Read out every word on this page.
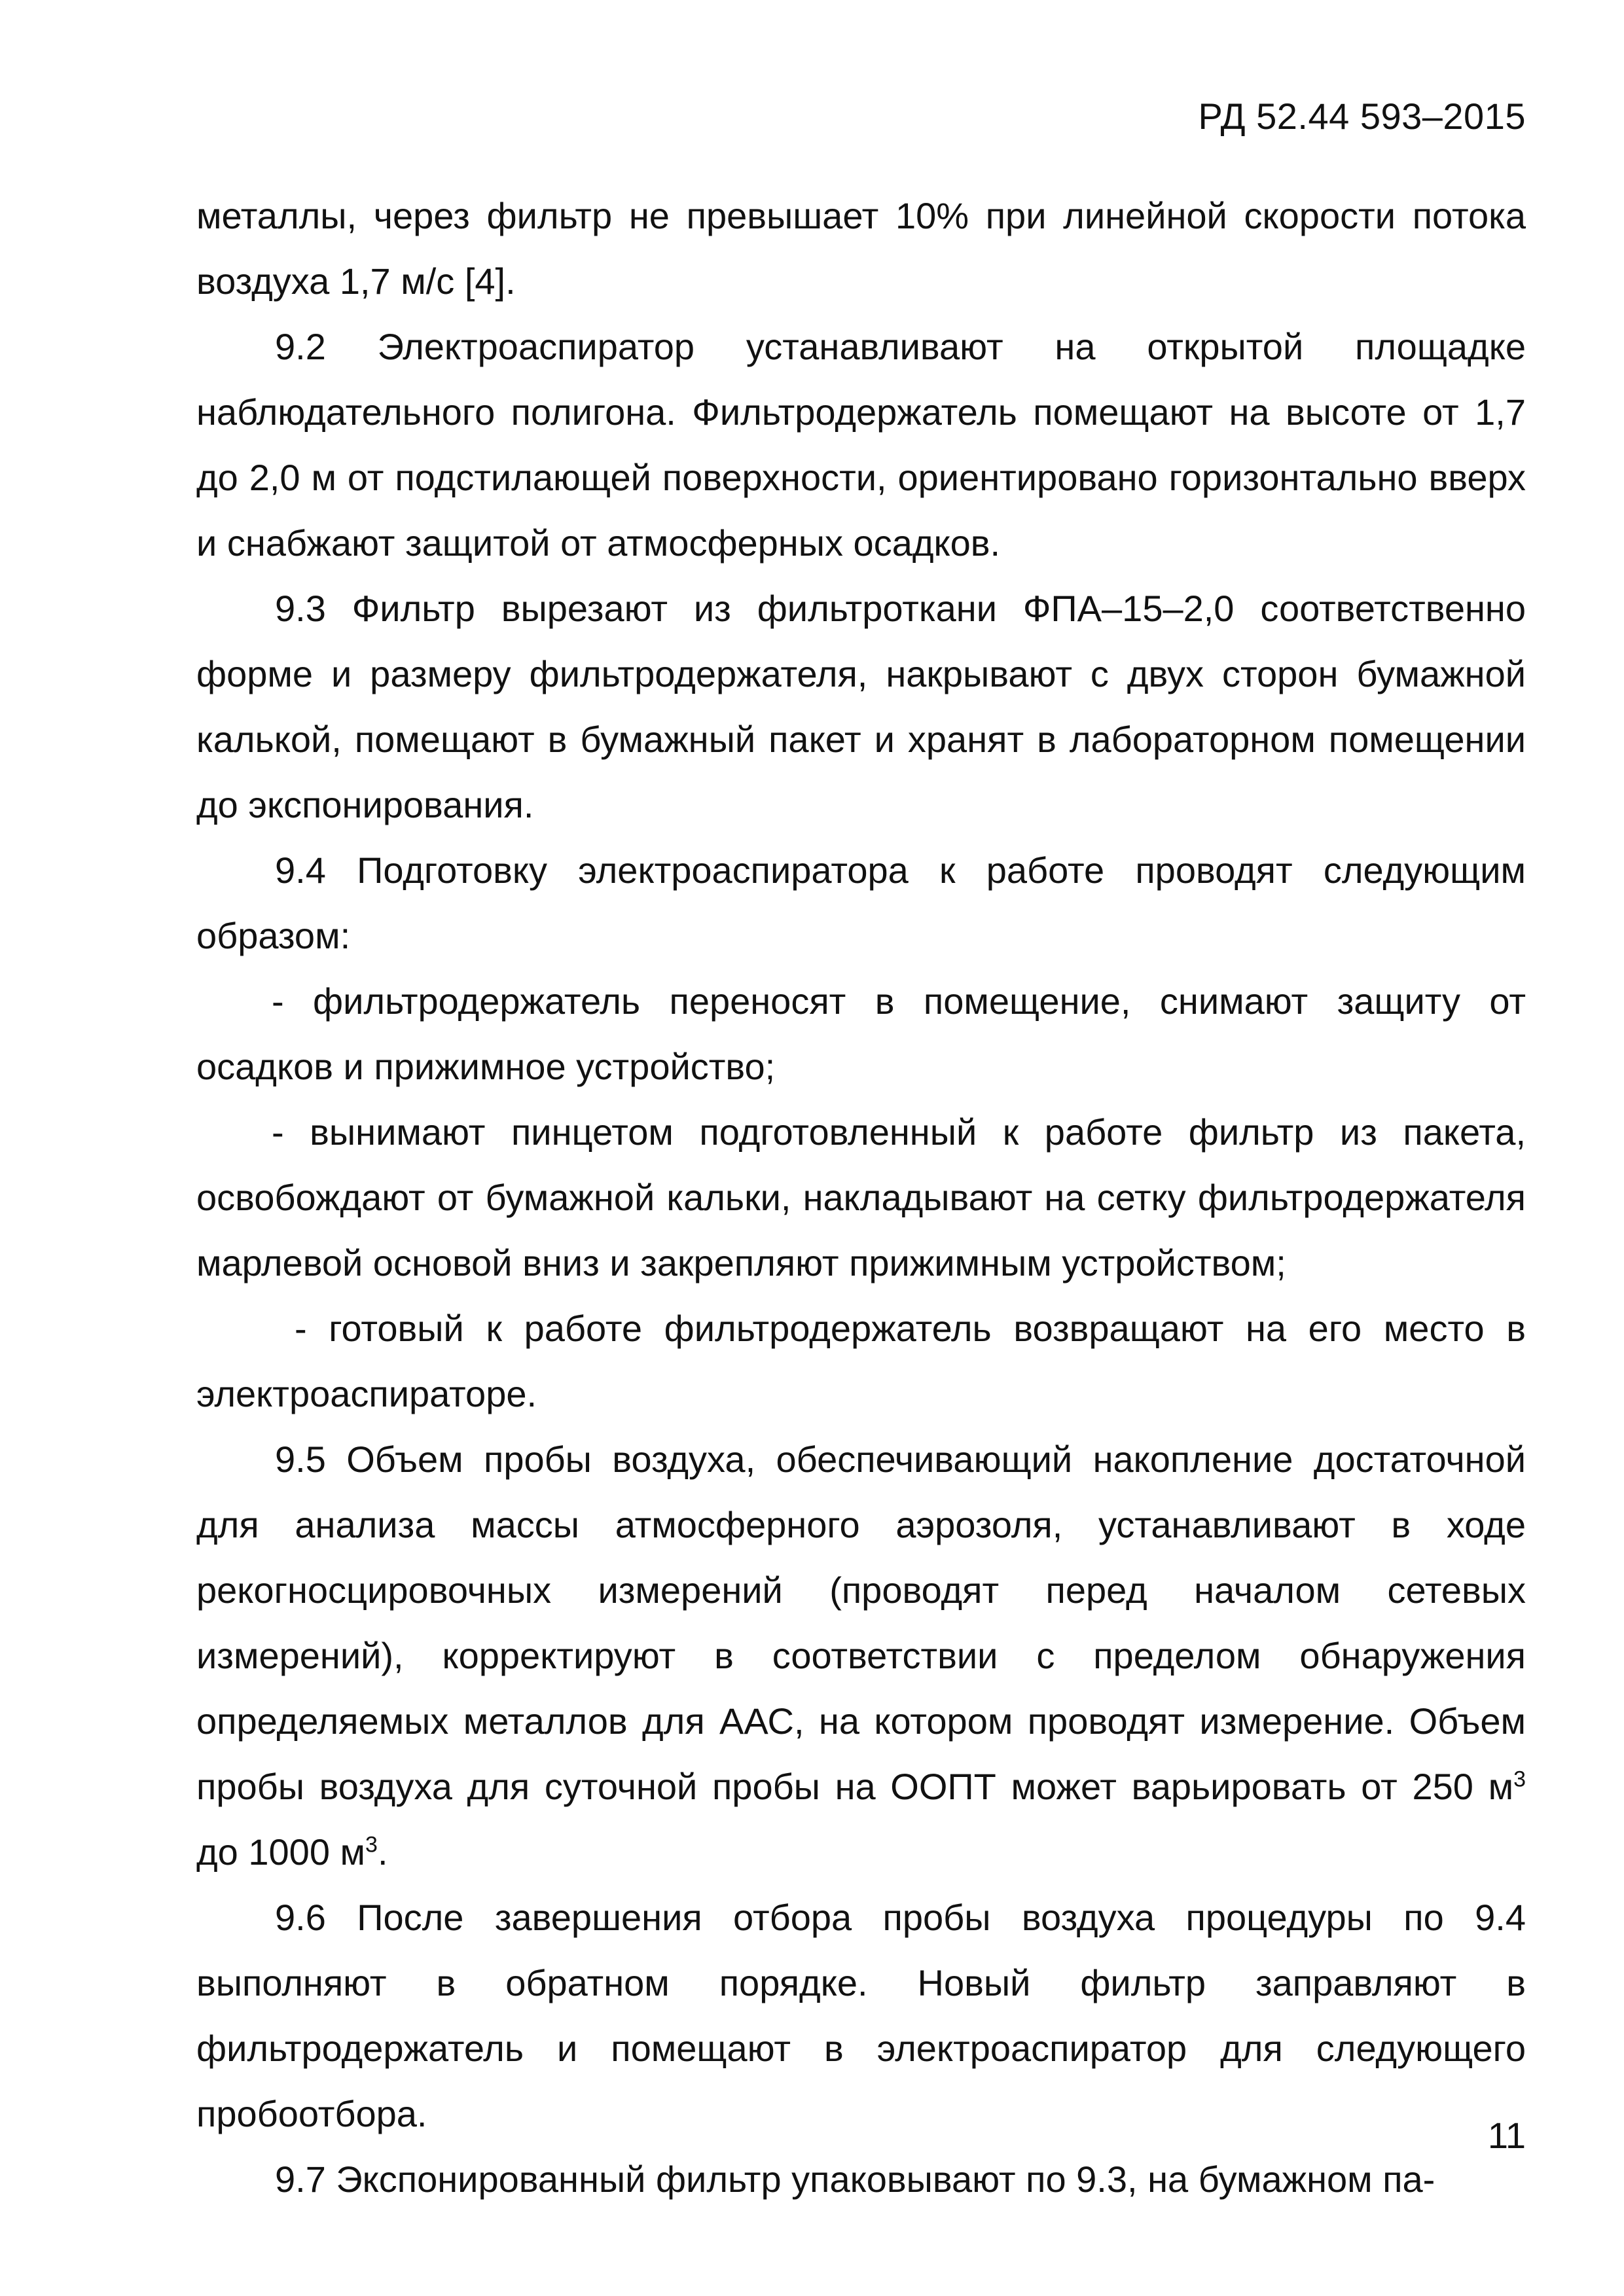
РД 52.44 593–2015

металлы, через фильтр не превышает 10% при линейной скорости потока воздуха 1,7 м/с [4].

9.2 Электроаспиратор устанавливают на открытой площадке наблюдательного полигона. Фильтродержатель помещают на высоте от 1,7 до 2,0 м от подстилающей поверхности, ориентировано горизонтально вверх и снабжают защитой от атмосферных осадков.

9.3 Фильтр вырезают из фильтроткани ФПА–15–2,0 соответственно форме и размеру фильтродержателя, накрывают с двух сторон бумажной калькой, помещают в бумажный пакет и хранят в лабораторном помещении до экспонирования.

9.4 Подготовку электроаспиратора к работе проводят следующим образом:

- фильтродержатель переносят в помещение, снимают защиту от осадков и прижимное устройство;

- вынимают пинцетом подготовленный к работе фильтр из пакета, освобождают от бумажной кальки, накладывают на сетку фильтродержателя марлевой основой вниз и закрепляют прижимным устройством;

- готовый к работе фильтродержатель возвращают на его место в электроаспираторе.

9.5 Объем пробы воздуха, обеспечивающий накопление достаточной для анализа массы атмосферного аэрозоля, устанавливают в ходе рекогносцировочных измерений (проводят перед началом сетевых измерений), корректируют в соответствии с пределом обнаружения определяемых металлов для ААС, на котором проводят измерение. Объем пробы воздуха для суточной пробы на ООПТ может варьировать от 250 $м^3$ до 1000 $м^3$.

9.6 После завершения отбора пробы воздуха процедуры по 9.4 выполняют в обратном порядке. Новый фильтр заправляют в фильтродержатель и помещают в электроаспиратор для следующего пробоотбора.

9.7 Экспонированный фильтр упаковывают по 9.3, на бумажном па-

11
